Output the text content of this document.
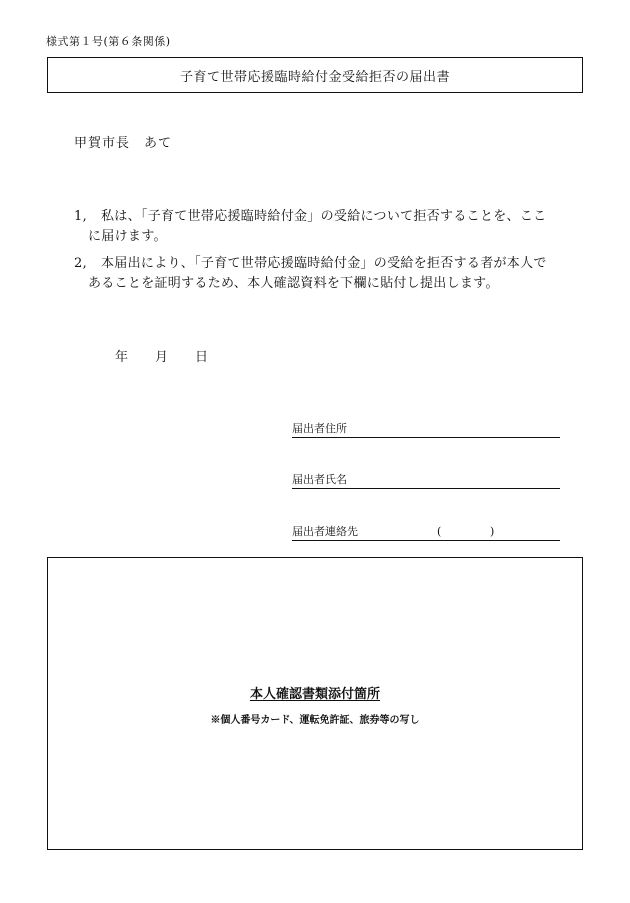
様式第１号(第６条関係)
子育て世帯応援臨時給付金受給拒否の届出書
甲賀市長　あて
1, 私は、「子育て世帯応援臨時給付金」の受給について拒否することを、ここ
に届けます。
2, 本届出により、「子育て世帯応援臨時給付金」の受給を拒否する者が本人で
あることを証明するため、本人確認資料を下欄に貼付し提出します。
年 月 日
届出者住所
届出者氏名
届出者連絡先	(	)
本人確認書類添付箇所
※個人番号カード、運転免許証、旅券等の写し
